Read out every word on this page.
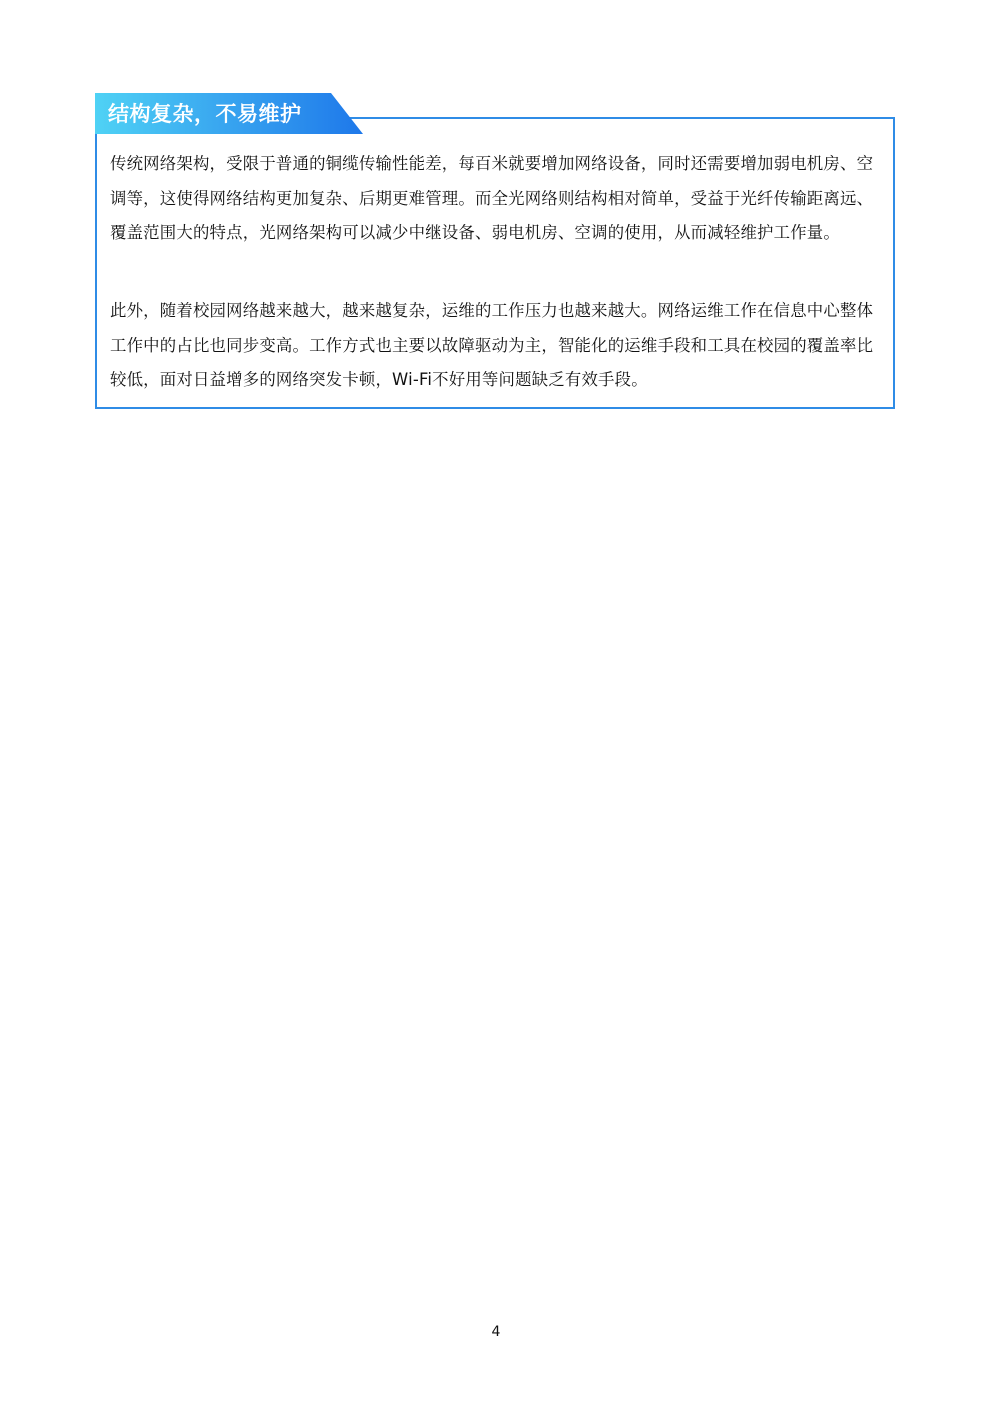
结构复杂，不易维护

传统网络架构，受限于普通的铜缆传输性能差，每百米就要增加网络设备，同时还需要增加弱电机房、空调等，这使得网络结构更加复杂、后期更难管理。而全光网络则结构相对简单，受益于光纤传输距离远、覆盖范围大的特点，光网络架构可以减少中继设备、弱电机房、空调的使用，从而减轻维护工作量。

此外，随着校园网络越来越大，越来越复杂，运维的工作压力也越来越大。网络运维工作在信息中心整体工作中的占比也同步变高。工作方式也主要以故障驱动为主，智能化的运维手段和工具在校园的覆盖率比较低，面对日益增多的网络突发卡顿，Wi-Fi不好用等问题缺乏有效手段。

4
